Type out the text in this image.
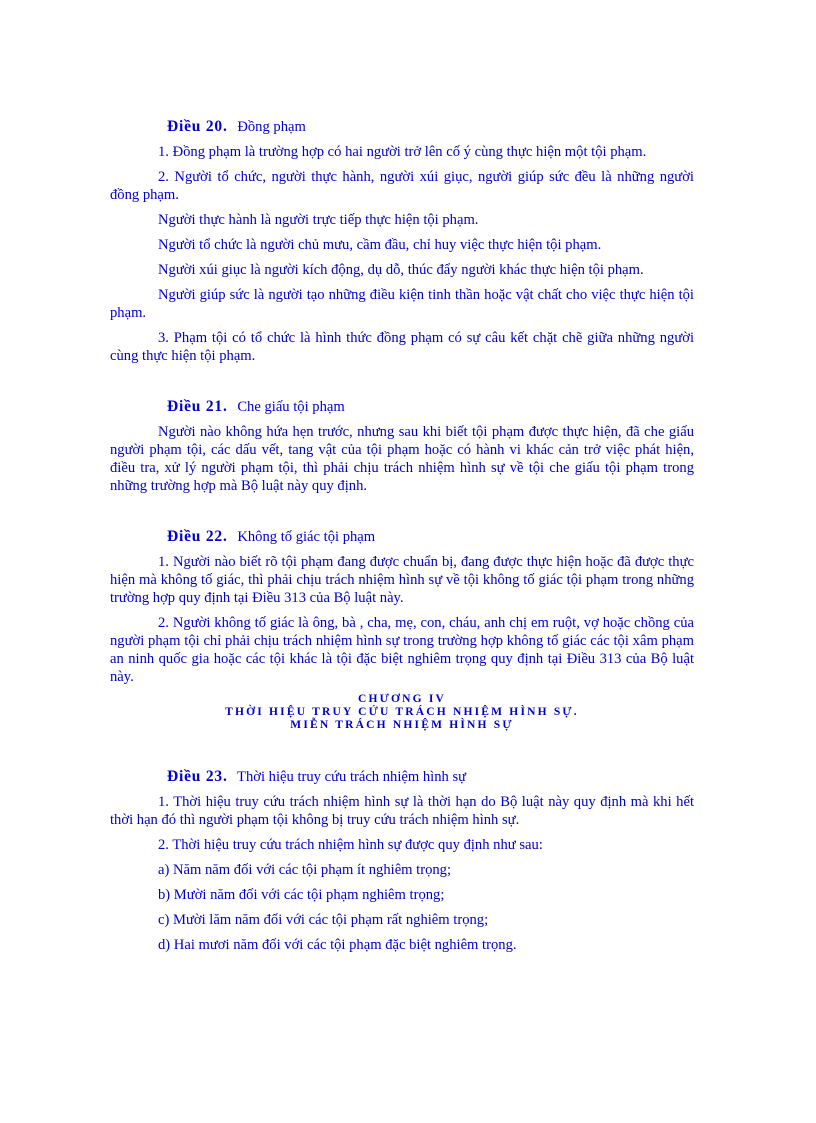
Điều 20. Đồng phạm

1. Đồng phạm là trường hợp có hai người trở lên cố ý cùng thực hiện một tội phạm.

2. Người tổ chức, người thực hành, người xúi giục, người giúp sức đều là những người đồng phạm.

Người thực hành là người trực tiếp thực hiện tội phạm.

Người tổ chức là người chủ mưu, cầm đầu, chỉ huy việc thực hiện tội phạm.

Người xúi giục là người kích động, dụ dỗ, thúc đẩy người khác thực hiện tội phạm.

Người giúp sức là người tạo những điều kiện tinh thần hoặc vật chất cho việc thực hiện tội phạm.

3. Phạm tội có tổ chức là hình thức đồng phạm có sự câu kết chặt chẽ giữa những người cùng thực hiện tội phạm.

Điều 21. Che giấu tội phạm

Người nào không hứa hẹn trước, nhưng sau khi biết tội phạm được thực hiện, đã che giấu người phạm tội, các dấu vết, tang vật của tội phạm hoặc có hành vi khác cản trở việc phát hiện, điều tra, xử lý người phạm tội, thì phải chịu trách nhiệm hình sự về tội che giấu tội phạm trong những trường hợp mà Bộ luật này quy định.

Điều 22. Không tố giác tội phạm

1. Người nào biết rõ tội phạm đang được chuẩn bị, đang được thực hiện hoặc đã được thực hiện mà không tố giác, thì phải chịu trách nhiệm hình sự về tội không tố giác tội phạm trong những trường hợp quy định tại Điều 313 của Bộ luật này.

2. Người không tố giác là ông, bà , cha, mẹ, con, cháu, anh chị em ruột, vợ hoặc chồng của người phạm tội chỉ phải chịu trách nhiệm hình sự trong trường hợp không tố giác các tội xâm phạm an ninh quốc gia hoặc các tội khác là tội đặc biệt nghiêm trọng quy định tại Điều 313 của Bộ luật này.

CHƯƠNG IV

THỜI HIỆU TRUY CỨU TRÁCH NHIỆM HÌNH SỰ.

MIỄN TRÁCH NHIỆM HÌNH SỰ

Điều 23. Thời hiệu truy cứu trách nhiệm hình sự

1. Thời hiệu truy cứu trách nhiệm hình sự là thời hạn do Bộ luật này quy định mà khi hết thời hạn đó thì người phạm tội không bị truy cứu trách nhiệm hình sự.

2. Thời hiệu truy cứu trách nhiệm hình sự được quy định như sau:

a) Năm năm đối với các tội phạm ít nghiêm trọng;

b) Mười năm đối với các tội phạm nghiêm trọng;

c) Mười lăm năm đối với các tội phạm rất nghiêm trọng;

d) Hai mươi năm đối với các tội phạm đặc biệt nghiêm trọng.
